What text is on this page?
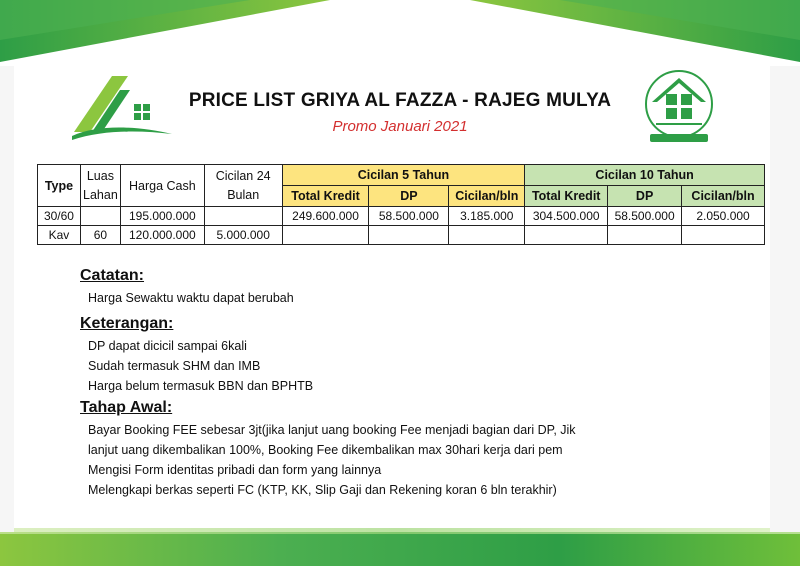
PRICE LIST GRIYA AL FAZZA - RAJEG MULYA
Promo Januari 2021
Type	Luas Lahan	Harga Cash	Cicilan 24 Bulan	Cicilan 5 Tahun			Cicilan 10 Tahun		
				Total Kredit	DP	Cicilan/bln	Total Kredit	DP	Cicilan/bln
30/60		195.000.000		249.600.000	58.500.000	3.185.000	304.500.000	58.500.000	2.050.000
Kav	60	120.000.000	5.000.000						
Catatan:
Harga Sewaktu waktu dapat berubah
Keterangan:
DP dapat dicicil sampai 6kali
Sudah termasuk SHM dan IMB
Harga belum termasuk BBN dan BPHTB
Tahap Awal:
Bayar Booking FEE sebesar 3jt(jika lanjut uang booking Fee menjadi bagian dari DP, Jik
lanjut uang dikembalikan 100%, Booking Fee dikembalikan max 30hari kerja dari pem
Mengisi Form identitas pribadi dan form yang lainnya
Melengkapi berkas seperti FC (KTP, KK, Slip Gaji dan Rekening koran 6 bln terakhir)
